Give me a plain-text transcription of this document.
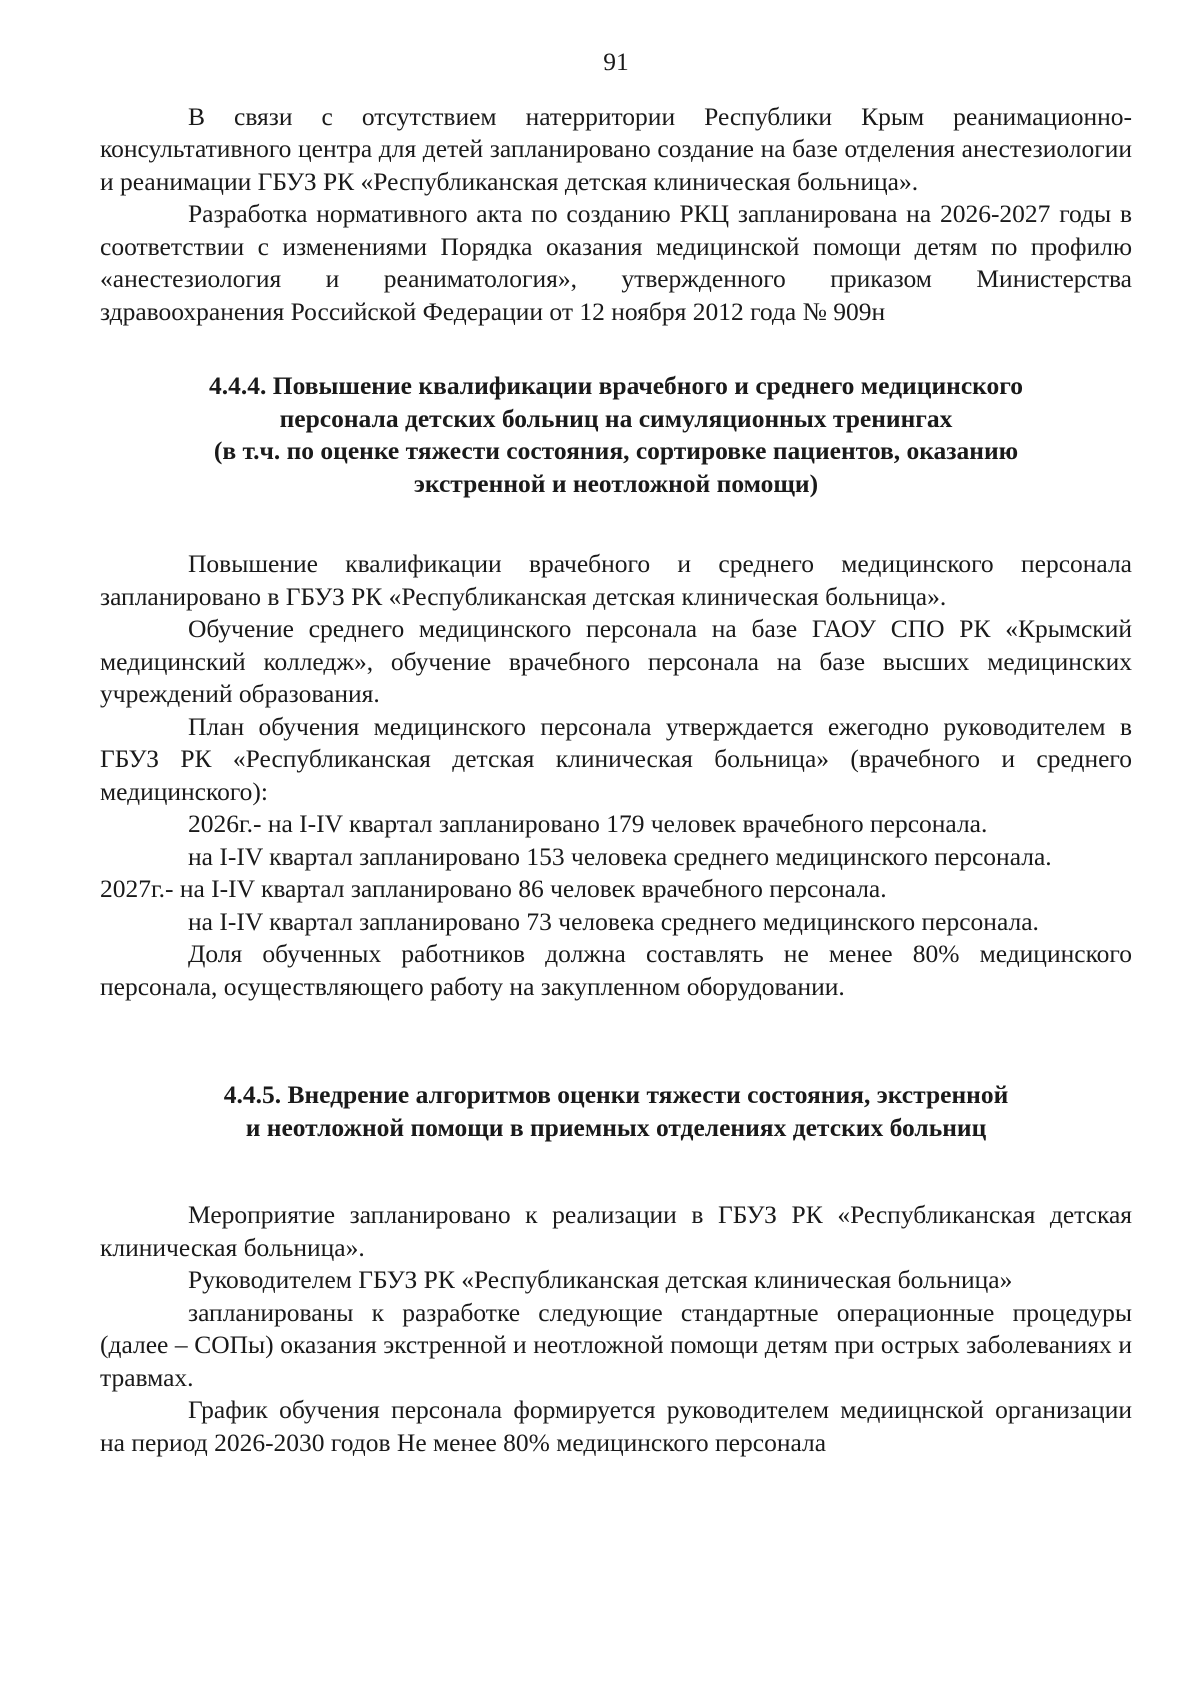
91

В связи с отсутствием натерритории Республики Крым реанимационно-консультативного центра для детей запланировано создание на базе отделения анестезиологии и реанимации ГБУЗ РК «Республиканская детская клиническая больница».

Разработка нормативного акта по созданию РКЦ запланирована на 2026-2027 годы в соответствии с изменениями Порядка оказания медицинской помощи детям по профилю «анестезиология и реаниматология», утвержденного приказом Министерства здравоохранения Российской Федерации от 12 ноября 2012 года № 909н

4.4.4. Повышение квалификации врачебного и среднего медицинского
персонала детских больниц на симуляционных тренингах
(в т.ч. по оценке тяжести состояния, сортировке пациентов, оказанию
экстренной и неотложной помощи)

Повышение квалификации врачебного и среднего медицинского персонала запланировано в ГБУЗ РК «Республиканская детская клиническая больница».

Обучение среднего медицинского персонала на базе ГАОУ СПО РК «Крымский медицинский колледж», обучение врачебного персонала на базе высших медицинских учреждений образования.

План обучения медицинского персонала утверждается ежегодно руководителем в ГБУЗ РК «Республиканская детская клиническая больница» (врачебного и среднего медицинского):

2026г.- на I-IV квартал запланировано 179 человек врачебного персонала.

на I-IV квартал запланировано 153 человека среднего медицинского персонала.

2027г.- на I-IV квартал запланировано 86 человек врачебного персонала.

на I-IV квартал запланировано 73 человека среднего медицинского персонала.

Доля обученных работников должна составлять не менее 80% медицинского персонала, осуществляющего работу на закупленном оборудовании.

4.4.5. Внедрение алгоритмов оценки тяжести состояния, экстренной
и неотложной помощи в приемных отделениях детских больниц

Мероприятие запланировано к реализации в ГБУЗ РК «Республиканская детская клиническая больница».

Руководителем ГБУЗ РК «Республиканская детская клиническая больница»

запланированы к разработке следующие стандартные операционные процедуры (далее – СОПы) оказания экстренной и неотложной помощи детям при острых заболеваниях и травмах.

График обучения персонала формируется руководителем медиицнской организации на период 2026-2030 годов Не менее 80% медицинского персонала
